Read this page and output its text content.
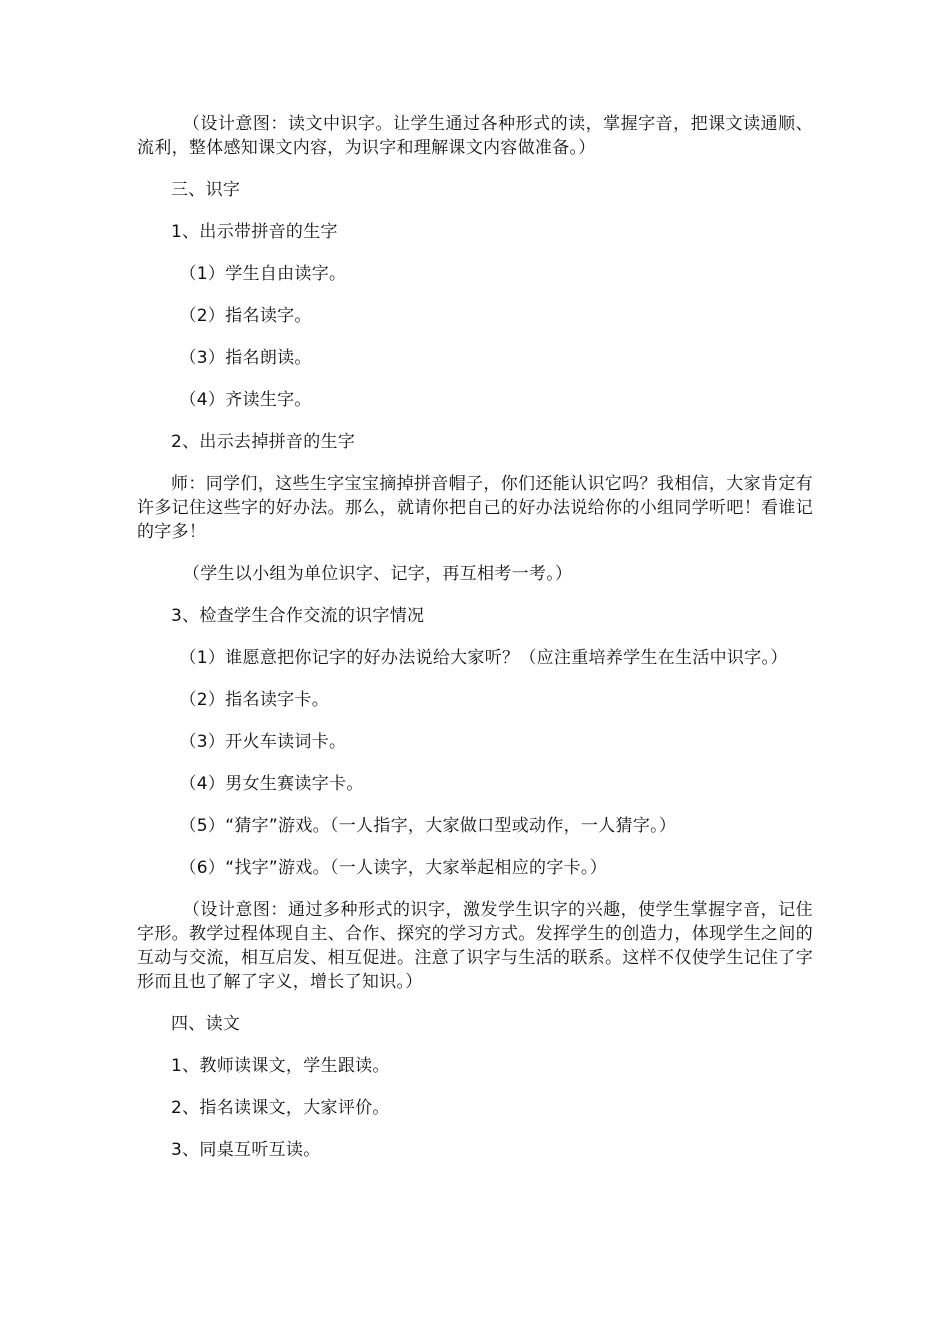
（设计意图：读文中识字。让学生通过各种形式的读，掌握字音，把课文读通顺、流利，整体感知课文内容，为识字和理解课文内容做准备。）

三、识字

1、出示带拼音的生字

（1）学生自由读字。

（2）指名读字。

（3）指名朗读。

（4）齐读生字。

2、出示去掉拼音的生字

师：同学们，这些生字宝宝摘掉拼音帽子，你们还能认识它吗？我相信，大家肯定有许多记住这些字的好办法。那么，就请你把自己的好办法说给你的小组同学听吧！看谁记的字多！

（学生以小组为单位识字、记字，再互相考一考。）

3、检查学生合作交流的识字情况

（1）谁愿意把你记字的好办法说给大家听？（应注重培养学生在生活中识字。）

（2）指名读字卡。

（3）开火车读词卡。

（4）男女生赛读字卡。

（5）“猜字”游戏。（一人指字，大家做口型或动作，一人猜字。）

（6）“找字”游戏。（一人读字，大家举起相应的字卡。）

（设计意图：通过多种形式的识字，激发学生识字的兴趣，使学生掌握字音，记住字形。教学过程体现自主、合作、探究的学习方式。发挥学生的创造力，体现学生之间的互动与交流，相互启发、相互促进。注意了识字与生活的联系。这样不仅使学生记住了字形而且也了解了字义，增长了知识。）

四、读文

1、教师读课文，学生跟读。

2、指名读课文，大家评价。

3、同桌互听互读。
